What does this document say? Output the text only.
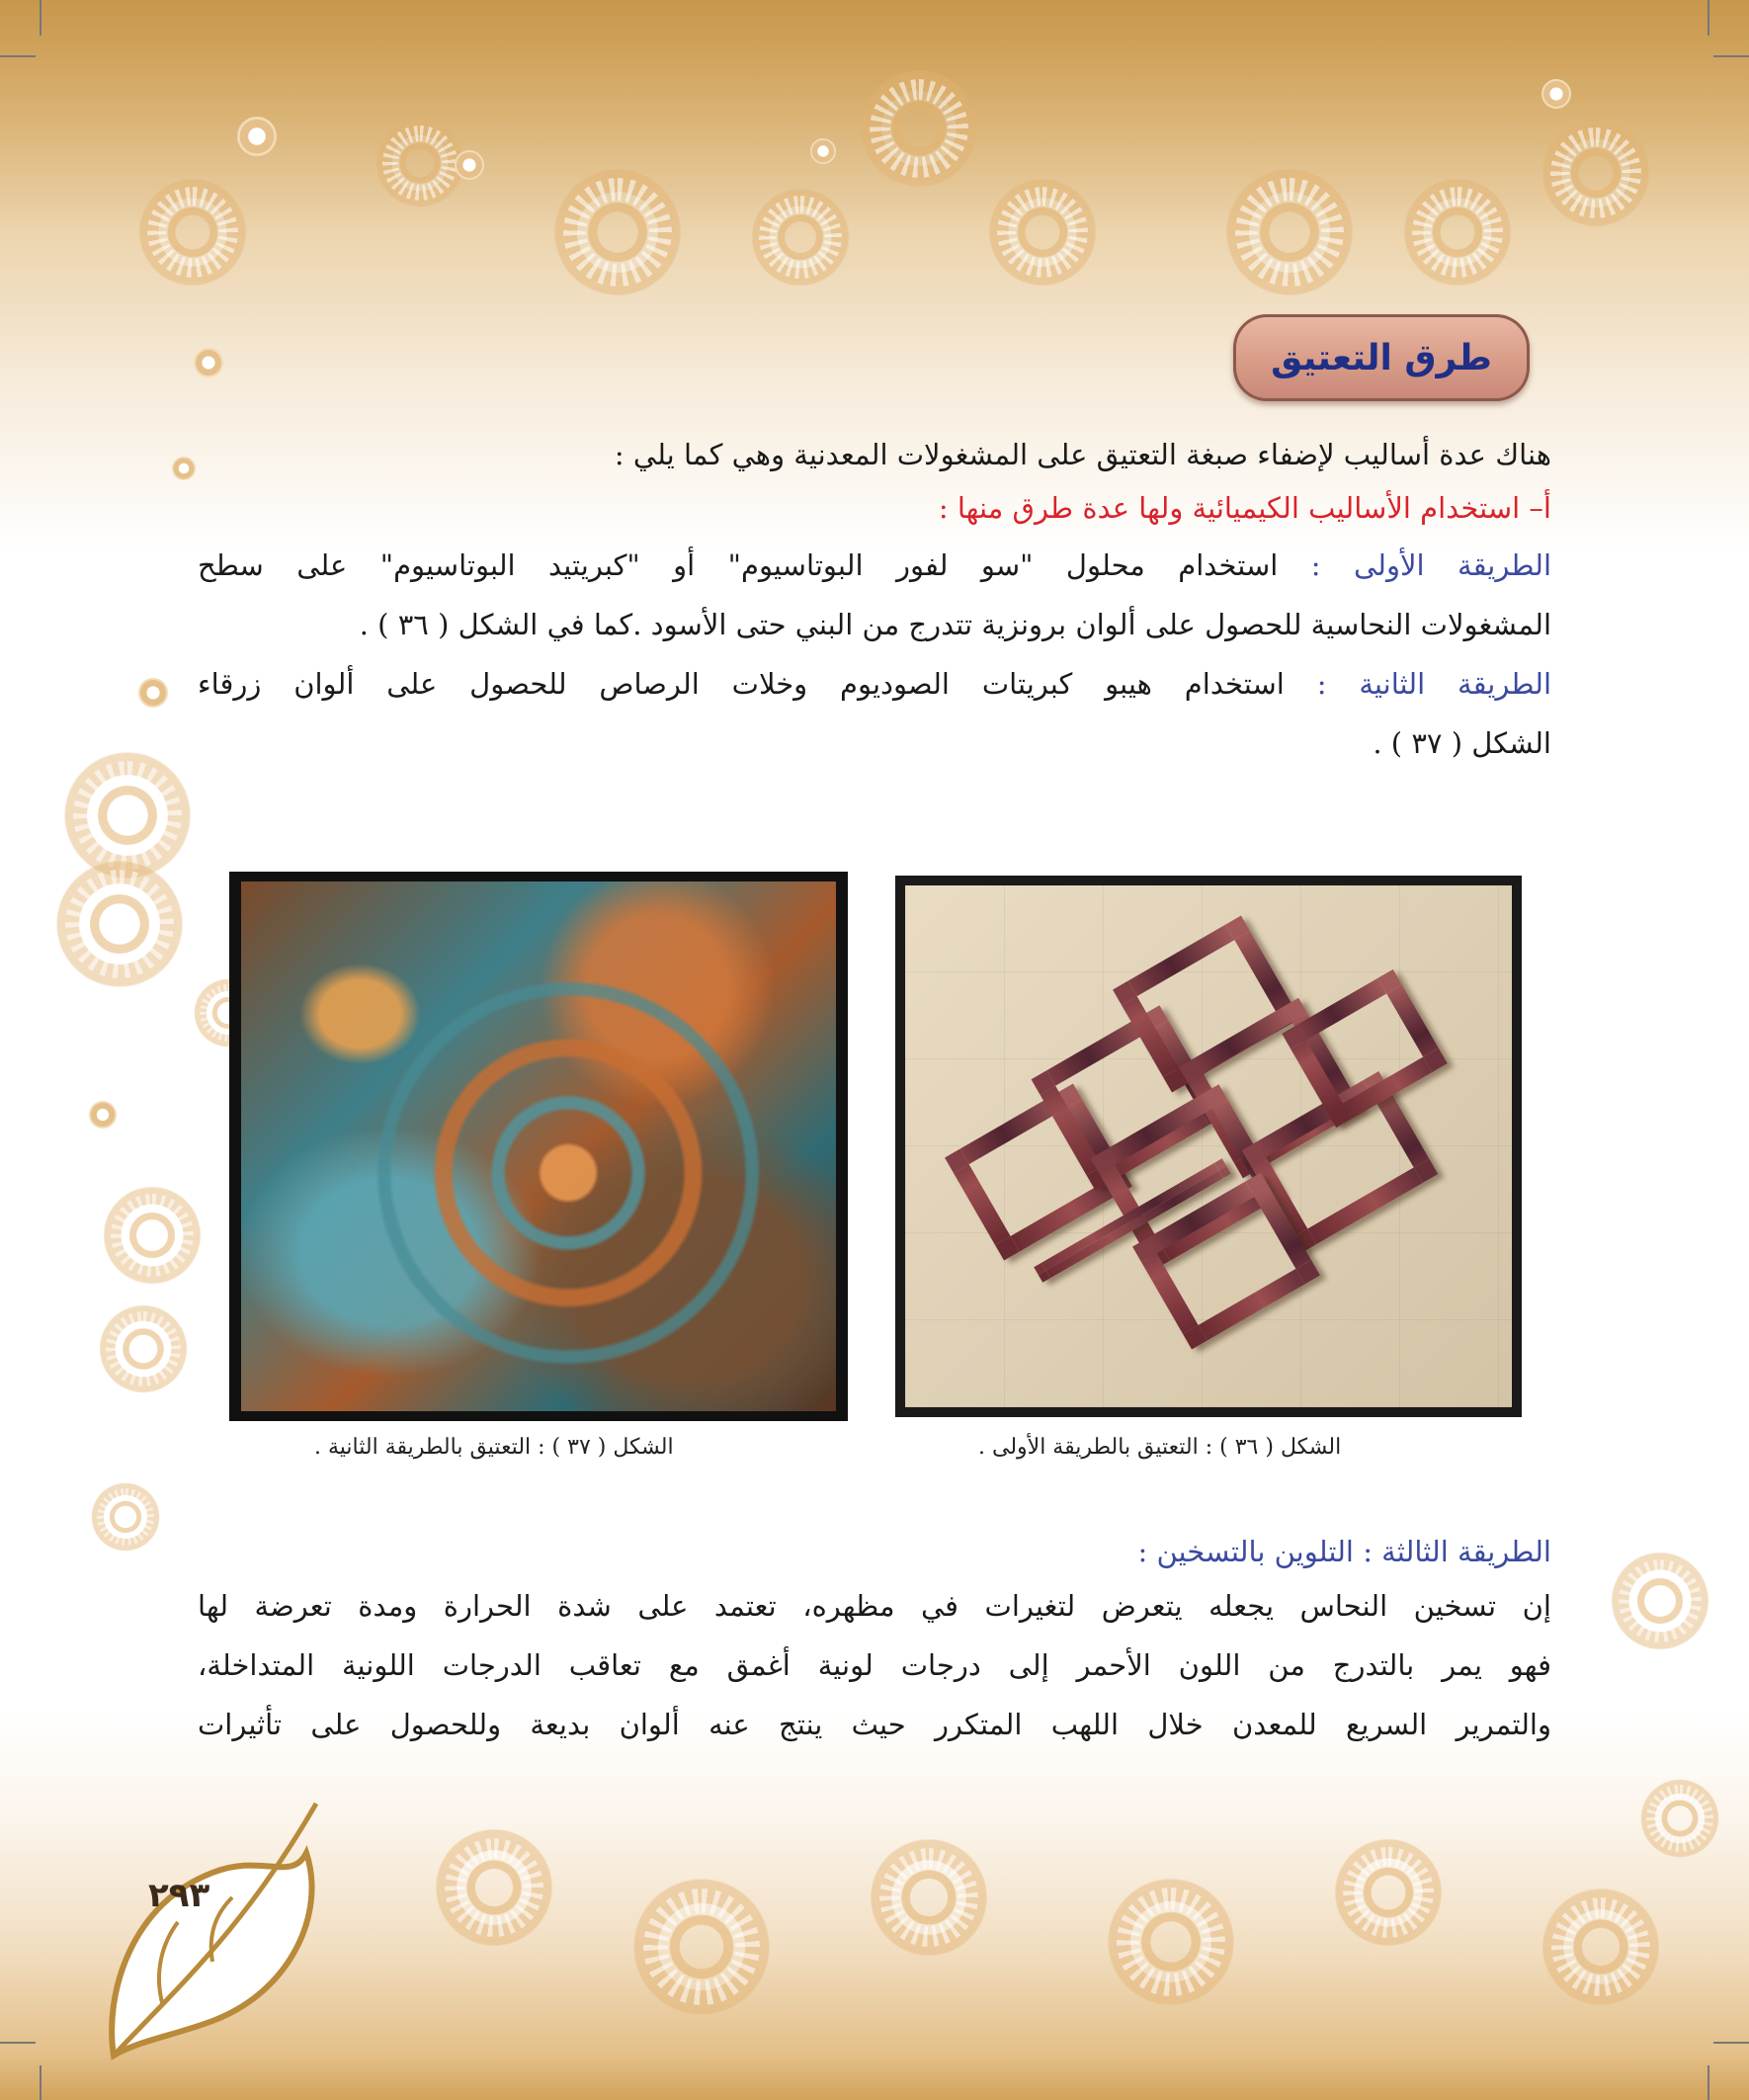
طرق التعتيق
هناك عدة أساليب لإضفاء صبغة التعتيق على المشغولات المعدنية وهي كما يلي :
أ– استخدام الأساليب الكيميائية ولها عدة طرق منها :
الطريقة الأولى : استخدام محلول "سو لفور البوتاسيوم" أو "كبريتيد البوتاسيوم" على سطح
المشغولات النحاسية للحصول على ألوان برونزية تتدرج من البني حتى الأسود .كما في الشكل ( ٣٦ ) .
الطريقة الثانية : استخدام هيبو كبريتات الصوديوم وخلات الرصاص للحصول على ألوان زرقاء
الشكل ( ٣٧ ) .
الشكل ( ٣٧ ) : التعتيق بالطريقة الثانية .	الشكل ( ٣٦ ) : التعتيق بالطريقة الأولى .
الطريقة الثالثة : التلوين بالتسخين :
إن تسخين النحاس يجعله يتعرض لتغيرات في مظهره، تعتمد على شدة الحرارة ومدة تعرضة لها
فهو يمر بالتدرج من اللون الأحمر إلى درجات لونية أغمق مع تعاقب الدرجات اللونية المتداخلة،
والتمرير السريع للمعدن خلال اللهب المتكرر حيث ينتج عنه ألوان بديعة وللحصول على تأثيرات
٢٩٣
